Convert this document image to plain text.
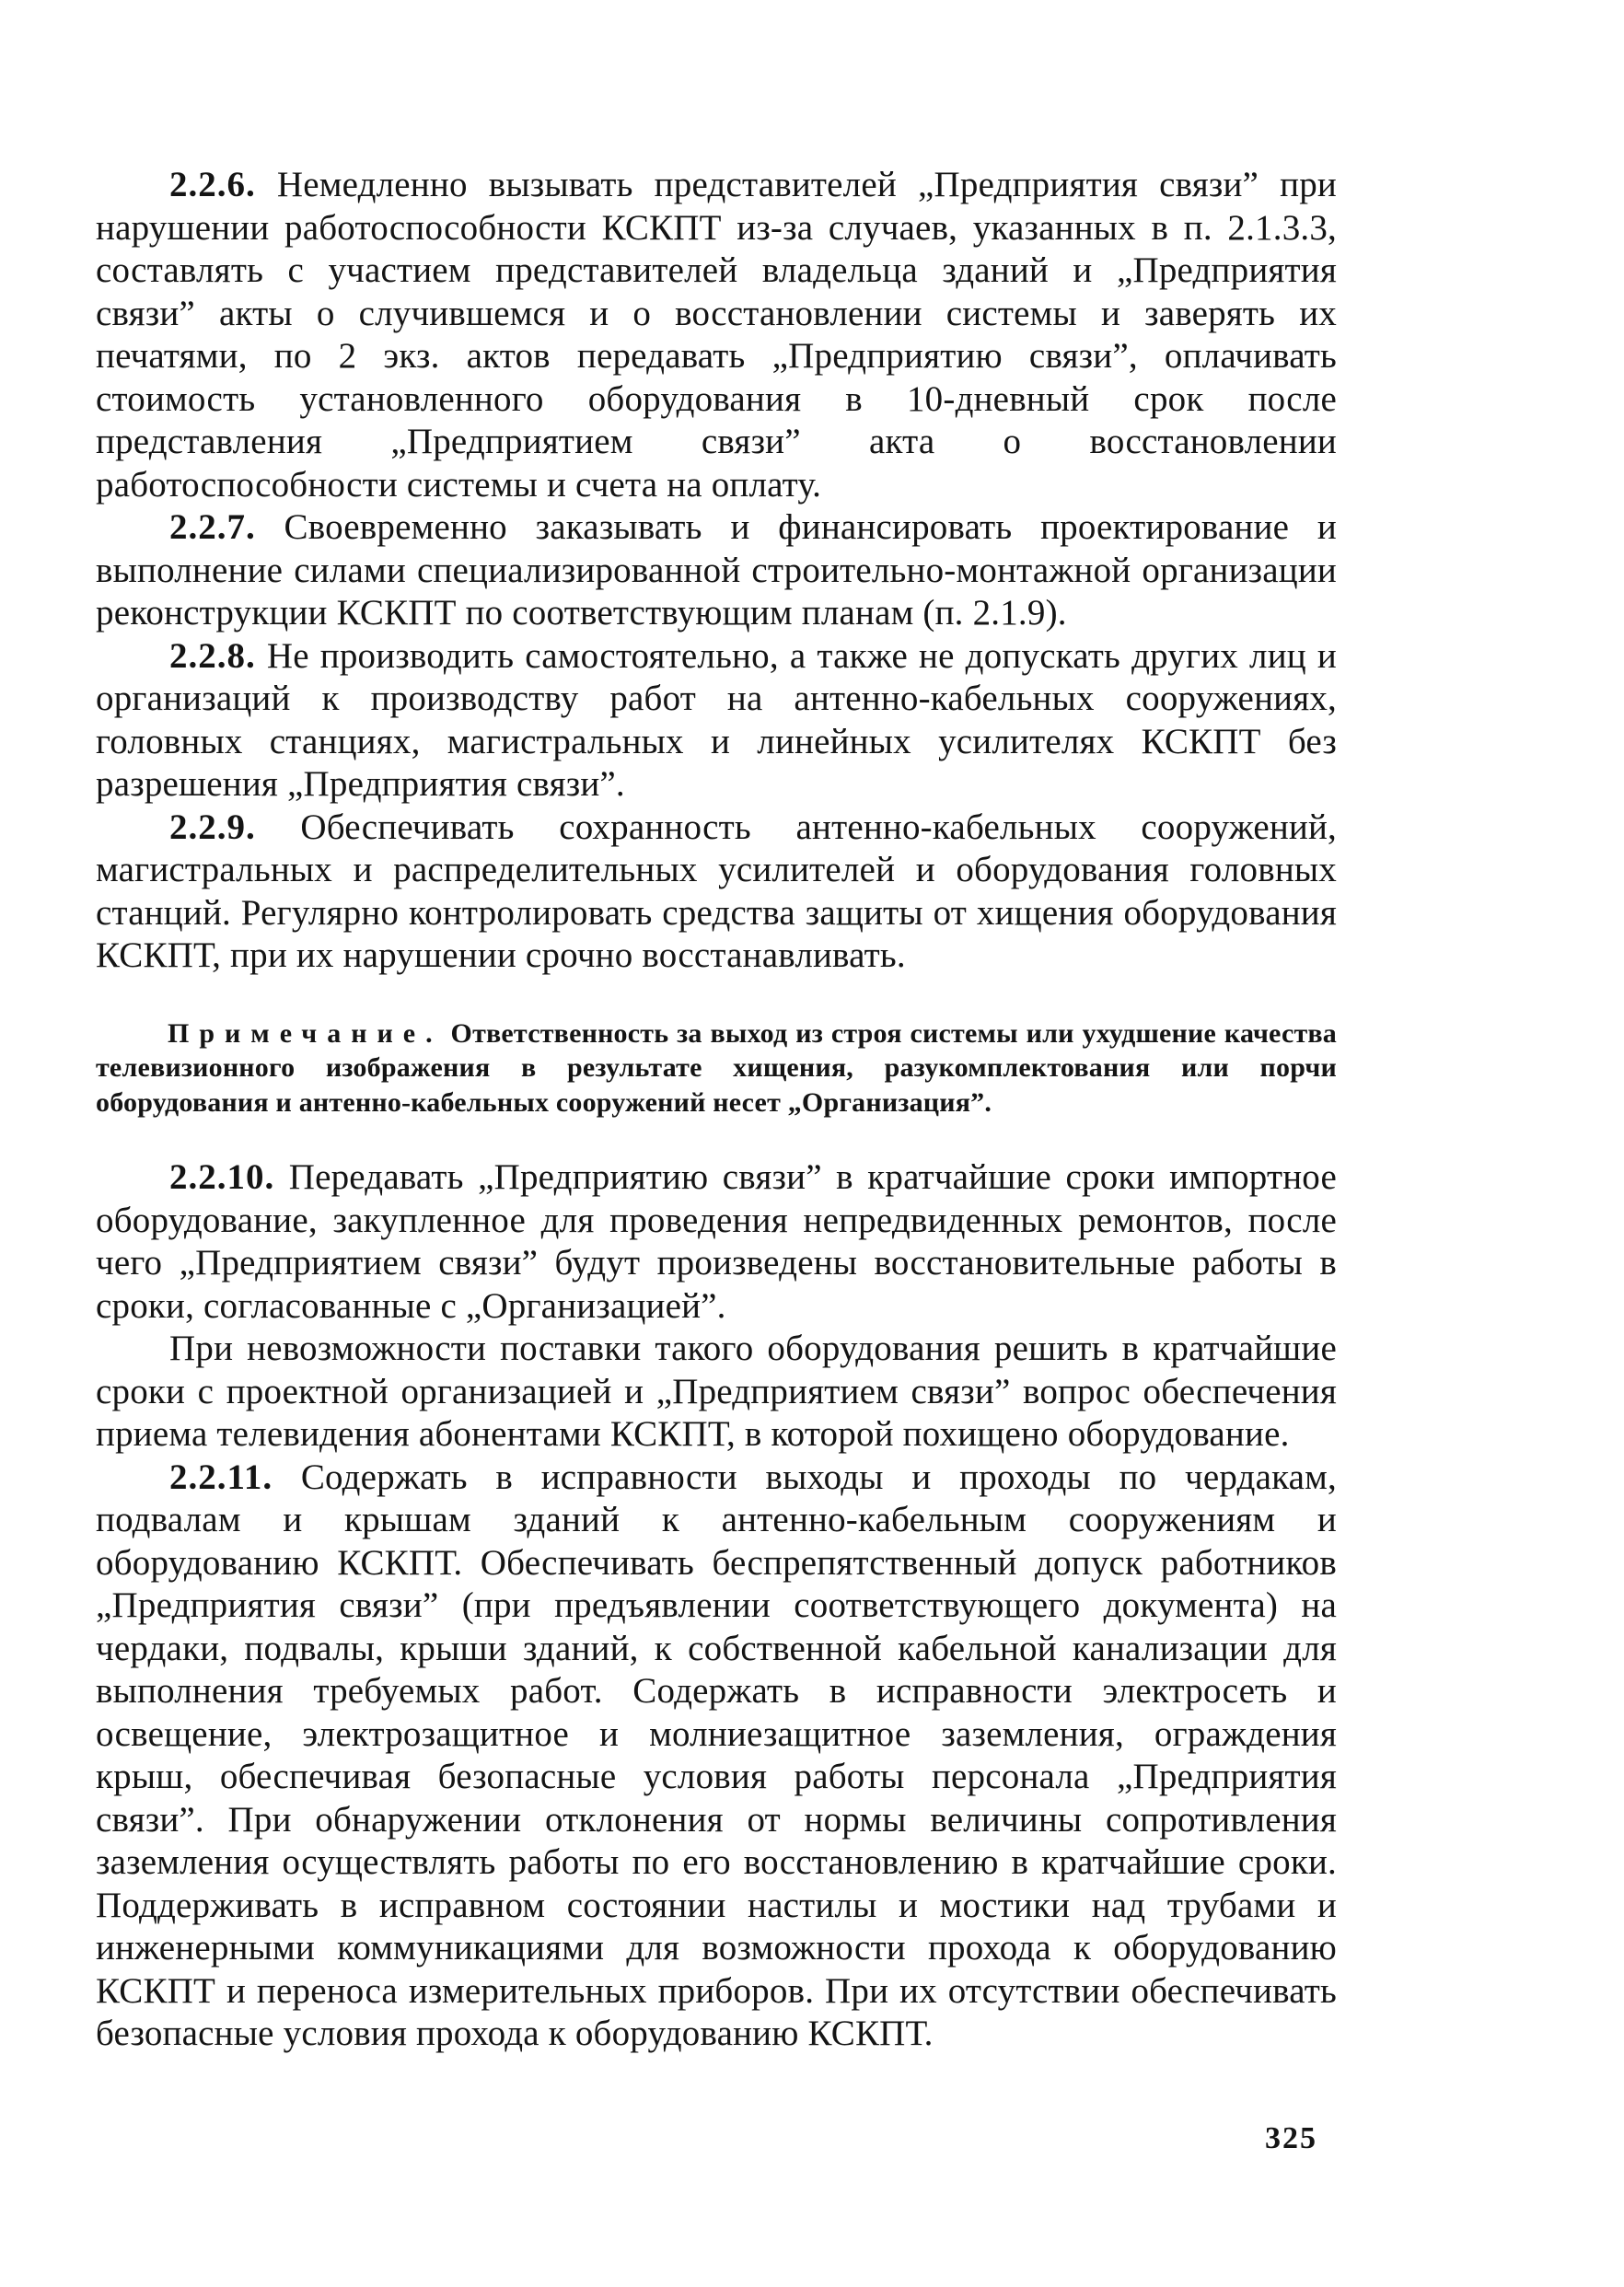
2.2.6. Немедленно вызывать представителей „Предприятия связи” при нарушении работоспособности КСКПТ из-за случаев, указанных в п. 2.1.3.3, составлять с участием представителей владельца зданий и „Предприятия связи” акты о случившемся и о восстановлении системы и заверять их печатями, по 2 экз. актов передавать „Предприятию связи”, оплачивать стоимость установленного оборудования в 10-дневный срок после представления „Предприятием связи” акта о восстановлении работоспособности системы и счета на оплату.

2.2.7. Своевременно заказывать и финансировать проектирование и выполнение силами специализированной строительно-монтажной организации реконструкции КСКПТ по соответствующим планам (п. 2.1.9).

2.2.8. Не производить самостоятельно, а также не допускать других лиц и организаций к производству работ на антенно-кабельных сооружениях, головных станциях, магистральных и линейных усилителях КСКПТ без разрешения „Предприятия связи”.

2.2.9. Обеспечивать сохранность антенно-кабельных сооружений, магистральных и распределительных усилителей и оборудования головных станций. Регулярно контролировать средства защиты от хищения оборудования КСКПТ, при их нарушении срочно восстанавливать.

Примечание. Ответственность за выход из строя системы или ухудшение качества телевизионного изображения в результате хищения, разукомплектования или порчи оборудования и антенно-кабельных сооружений несет „Организация”.

2.2.10. Передавать „Предприятию связи” в кратчайшие сроки импортное оборудование, закупленное для проведения непредвиденных ремонтов, после чего „Предприятием связи” будут произведены восстановительные работы в сроки, согласованные с „Организацией”.

При невозможности поставки такого оборудования решить в кратчайшие сроки с проектной организацией и „Предприятием связи” вопрос обеспечения приема телевидения абонентами КСКПТ, в которой похищено оборудование.

2.2.11. Содержать в исправности выходы и проходы по чердакам, подвалам и крышам зданий к антенно-кабельным сооружениям и оборудованию КСКПТ. Обеспечивать беспрепятственный допуск работников „Предприятия связи” (при предъявлении соответствующего документа) на чердаки, подвалы, крыши зданий, к собственной кабельной канализации для выполнения требуемых работ. Содержать в исправности электросеть и освещение, электрозащитное и молниезащитное заземления, ограждения крыш, обеспечивая безопасные условия работы персонала „Предприятия связи”. При обнаружении отклонения от нормы величины сопротивления заземления осуществлять работы по его восстановлению в кратчайшие сроки. Поддерживать в исправном состоянии настилы и мостики над трубами и инженерными коммуникациями для возможности прохода к оборудованию КСКПТ и переноса измерительных приборов. При их отсутствии обеспечивать безопасные условия прохода к оборудованию КСКПТ.

325
